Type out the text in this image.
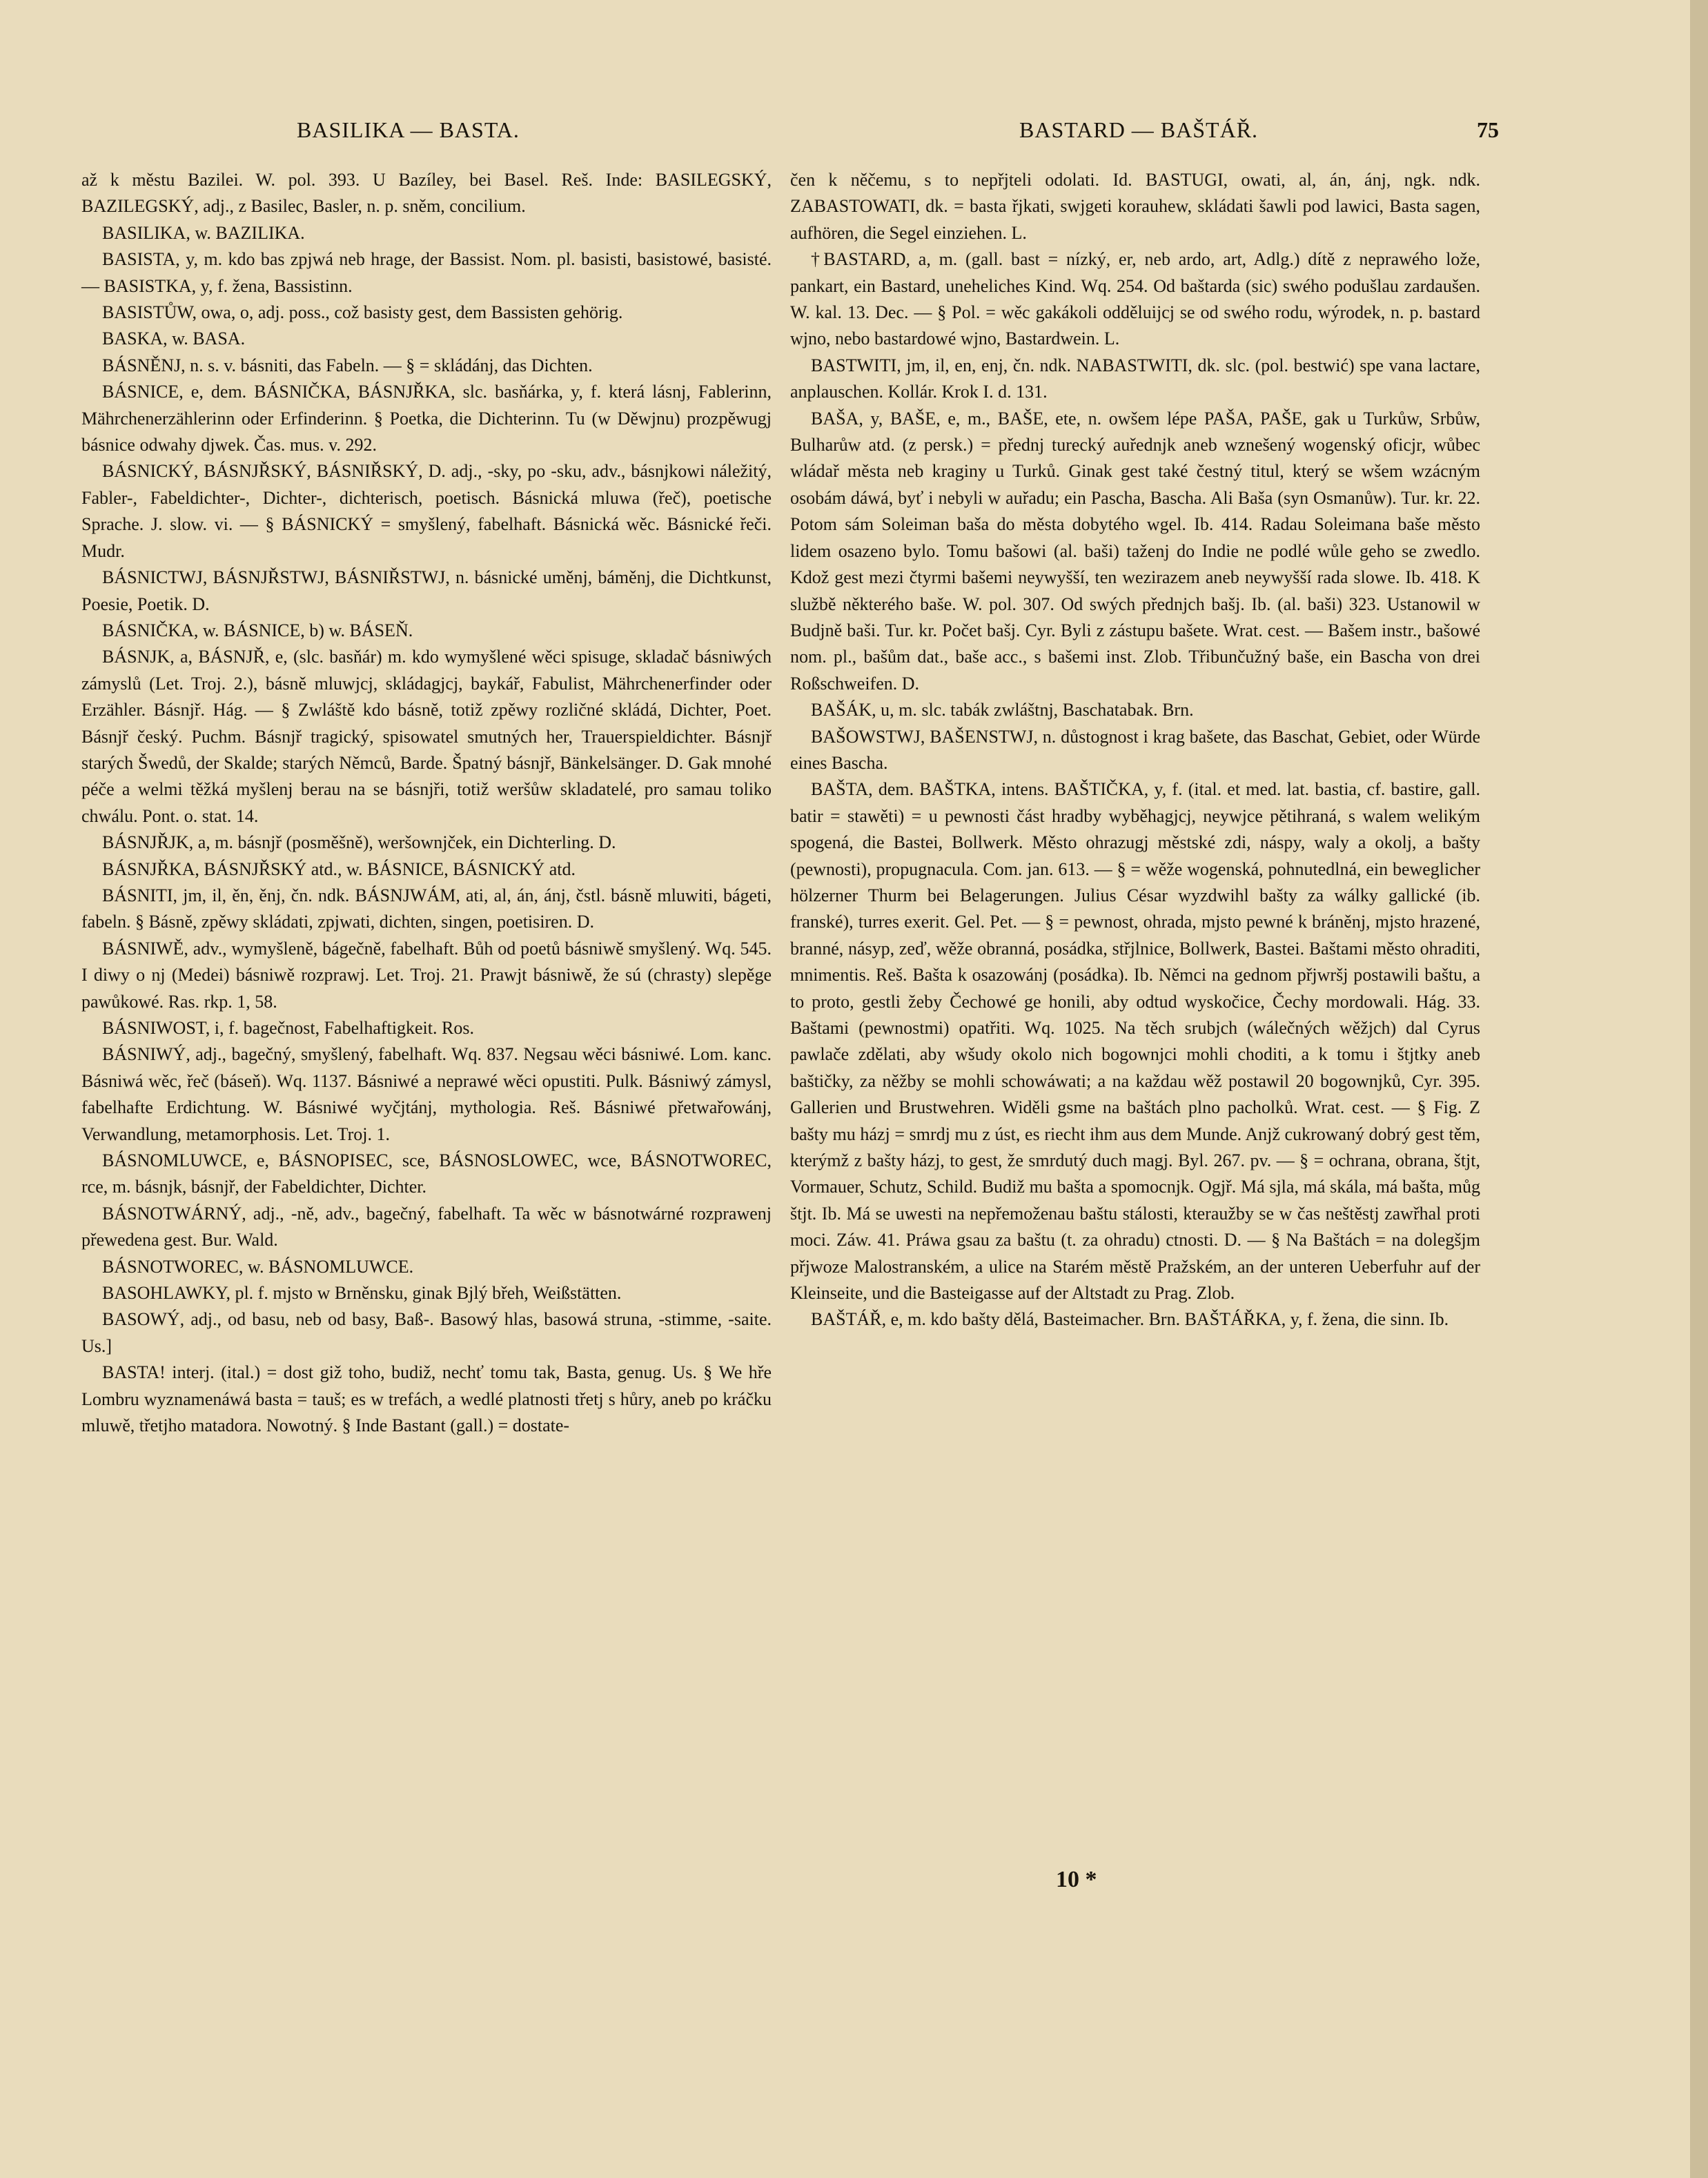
BASILIKA — BASTA.	BASTARD — BAŠTÁŘ.	75

až k městu Bazilei. W. pol. 393. U Bazíley, bei Basel. Reš. Inde: BASILEGSKÝ, BAZILEGSKÝ, adj., z Basilec, Basler, n. p. sněm, concilium.

BASILIKA, w. BAZILIKA.

BASISTA, y, m. kdo bas zpjwá neb hrage, der Bassist. Nom. pl. basisti, basistowé, basisté. — BASISTKA, y, f. žena, Bassistinn.

BASISTŮW, owa, o, adj. poss., což basisty gest, dem Bassisten gehörig.

BASKA, w. BASA.

BÁSNĚNJ, n. s. v. básniti, das Fabeln. — § = skládánj, das Dichten.

BÁSNICE, e, dem. BÁSNIČKA, BÁSNJŘKA, slc. basňárka, y, f. která lásnj, Fablerinn, Mährchenerzählerinn oder Erfinderinn. § Poetka, die Dichterinn. Tu (w Děwjnu) prozpěwugj básnice odwahy djwek. Čas. mus. v. 292.

BÁSNICKÝ, BÁSNJŘSKÝ, BÁSNIŘSKÝ, D. adj., -sky, po -sku, adv., básnjkowi náležitý, Fabler-, Fabeldichter-, Dichter-, dichterisch, poetisch. Básnická mluwa (řeč), poetische Sprache. J. slow. vi. — § BÁSNICKÝ = smyšlený, fabelhaft. Básnická wěc. Básnické řeči. Mudr.

BÁSNICTWJ, BÁSNJŘSTWJ, BÁSNIŘSTWJ, n. básnické uměnj, báměnj, die Dichtkunst, Poesie, Poetik. D.

BÁSNIČKA, w. BÁSNICE, b) w. BÁSEŇ.

BÁSNJK, a, BÁSNJŘ, e, (slc. basňár) m. kdo wymyšlené wěci spisuge, skladač básniwých zámyslů (Let. Troj. 2.), básně mluwjcj, skládagjcj, baykář, Fabulist, Mährchenerfinder oder Erzähler. Básnjř. Hág. — § Zwláště kdo básně, totiž zpěwy rozličné skládá, Dichter, Poet. Básnjř český. Puchm. Básnjř tragický, spisowatel smutných her, Trauerspieldichter. Básnjř starých Šwedů, der Skalde; starých Němců, Barde. Špatný básnjř, Bänkelsänger. D. Gak mnohé péče a welmi těžká myšlenj berau na se básnjři, totiž weršůw skladatelé, pro samau toliko chwálu. Pont. o. stat. 14.

BÁSNJŘJK, a, m. básnjř (posměšně), weršownjček, ein Dichterling. D.

BÁSNJŘKA, BÁSNJŘSKÝ atd., w. BÁSNICE, BÁSNICKÝ atd.

BÁSNITI, jm, il, ěn, ěnj, čn. ndk. BÁSNJWÁM, ati, al, án, ánj, čstl. básně mluwiti, bágeti, fabeln. § Básně, zpěwy skládati, zpjwati, dichten, singen, poetisiren. D.

BÁSNIWĚ, adv., wymyšleně, bágečně, fabelhaft. Bůh od poetů básniwě smyšlený. Wq. 545. I diwy o nj (Medei) básniwě rozprawj. Let. Troj. 21. Prawjt básniwě, že sú (chrasty) slepěge pawůkowé. Ras. rkp. 1, 58.

BÁSNIWOST, i, f. bagečnost, Fabelhaftigkeit. Ros.

BÁSNIWÝ, adj., bagečný, smyšlený, fabelhaft. Wq. 837. Negsau wěci básniwé. Lom. kanc. Básniwá wěc, řeč (báseň). Wq. 1137. Básniwé a neprawé wěci opustiti. Pulk. Básniwý zámysl, fabelhafte Erdichtung. W. Básniwé wyčjtánj, mythologia. Reš. Básniwé přetwařowánj, Verwandlung, metamorphosis. Let. Troj. 1.

BÁSNOMLUWCE, e, BÁSNOPISEC, sce, BÁSNOSLOWEC, wce, BÁSNOTWOREC, rce, m. básnjk, básnjř, der Fabeldichter, Dichter.

BÁSNOTWÁRNÝ, adj., -ně, adv., bagečný, fabelhaft. Ta wěc w básnotwárné rozprawenj přewedena gest. Bur. Wald.

BÁSNOTWOREC, w. BÁSNOMLUWCE.

BASOHLAWKY, pl. f. mjsto w Brněnsku, ginak Bjlý břeh, Weißstätten.

BASOWÝ, adj., od basu, neb od basy, Baß-. Basowý hlas, basowá struna, -stimme, -saite. Us.]

BASTA! interj. (ital.) = dost giž toho, budiž, nechť tomu tak, Basta, genug. Us. § We hře Lombru wyznamenáwá basta = tauš; es w trefách, a wedlé platnosti třetj s hůry, aneb po kráčku mluwě, třetjho matadora. Nowotný. § Inde Bastant (gall.) = dostate-

čen k něčemu, s to nepřjteli odolati. Id. BASTUGI, owati, al, án, ánj, ngk. ndk. ZABASTOWATI, dk. = basta řjkati, swjgeti korauhew, skládati šawli pod lawici, Basta sagen, aufhören, die Segel einziehen. L.

†BASTARD, a, m. (gall. bast = nízký, er, neb ardo, art, Adlg.) dítě z neprawého lože, pankart, ein Bastard, uneheliches Kind. Wq. 254. Od baštarda (sic) swého podušlau zardaušen. W. kal. 13. Dec. — § Pol. = wěc gakákoli odděluijcj se od swého rodu, wýrodek, n. p. bastard wjno, nebo bastardowé wjno, Bastardwein. L.

BASTWITI, jm, il, en, enj, čn. ndk. NABASTWITI, dk. slc. (pol. bestwić) spe vana lactare, anplauschen. Kollár. Krok I. d. 131.

BAŠA, y, BAŠE, e, m., BAŠE, ete, n. owšem lépe PAŠA, PAŠE, gak u Turkůw, Srbůw, Bulharůw atd. (z persk.) = přednj turecký auřednjk aneb wznešený wogenský oficjr, wůbec wládař města neb kraginy u Turků. Ginak gest také čestný titul, který se wšem wzácným osobám dáwá, byť i nebyli w auřadu; ein Pascha, Bascha. Ali Baša (syn Osmanůw). Tur. kr. 22. Potom sám Soleiman baša do města dobytého wgel. Ib. 414. Radau Soleimana baše město lidem osazeno bylo. Tomu bašowi (al. baši) taženj do Indie ne podlé wůle geho se zwedlo. Kdož gest mezi čtyrmi bašemi neywyšší, ten wezirazem aneb neywyšší rada slowe. Ib. 418. K službě některého baše. W. pol. 307. Od swých přednjch bašj. Ib. (al. baši) 323. Ustanowil w Budjně baši. Tur. kr. Počet bašj. Cyr. Byli z zástupu bašete. Wrat. cest. — Bašem instr., bašowé nom. pl., bašům dat., baše acc., s bašemi inst. Zlob. Třibunčužný baše, ein Bascha von drei Roßschweifen. D.

BAŠÁK, u, m. slc. tabák zwláštnj, Baschatabak. Brn.

BAŠOWSTWJ, BAŠENSTWJ, n. důstognost i krag bašete, das Baschat, Gebiet, oder Würde eines Bascha.

BAŠTA, dem. BAŠTKA, intens. BAŠTIČKA, y, f. (ital. et med. lat. bastia, cf. bastire, gall. batir = stawěti) = u pewnosti část hradby wyběhagjcj, neywjce pětihraná, s walem welikým spogená, die Bastei, Bollwerk. Město ohrazugj městské zdi, náspy, waly a okolj, a bašty (pewnosti), propugnacula. Com. jan. 613. — § = wěže wogenská, pohnutedlná, ein beweglicher hölzerner Thurm bei Belagerungen. Julius César wyzdwihl bašty za wálky gallické (ib. franské), turres exerit. Gel. Pet. — § = pewnost, ohrada, mjsto pewné k bráněnj, mjsto hrazené, branné, násyp, zeď, wěže obranná, posádka, střjlnice, Bollwerk, Bastei. Baštami město ohraditi, mnimentis. Reš. Bašta k osazowánj (posádka). Ib. Němci na gednom přjwršj postawili baštu, a to proto, gestli žeby Čechowé ge honili, aby odtud wyskočice, Čechy mordowali. Hág. 33. Baštami (pewnostmi) opatřiti. Wq. 1025. Na těch srubjch (wálečných wěžjch) dal Cyrus pawlače zdělati, aby wšudy okolo nich bogownjci mohli choditi, a k tomu i štjtky aneb baštičky, za něžby se mohli schowáwati; a na každau wěž postawil 20 bogownjků, Cyr. 395. Gallerien und Brustwehren. Widěli gsme na baštách plno pacholků. Wrat. cest. — § Fig. Z bašty mu házj = smrdj mu z úst, es riecht ihm aus dem Munde. Anjž cukrowaný dobrý gest těm, kterýmž z bašty házj, to gest, že smrdutý duch magj. Byl. 267. pv. — § = ochrana, obrana, štjt, Vormauer, Schutz, Schild. Budiž mu bašta a spomocnjk. Ogjř. Má sjla, má skála, má bašta, můg štjt. Ib. Má se uwesti na nepřemoženau baštu stálosti, kteraužby se w čas neštěstj zawřhal proti moci. Záw. 41. Práwa gsau za baštu (t. za ohradu) ctnosti. D. — § Na Baštách = na dolegšjm přjwoze Malostranském, a ulice na Starém městě Pražském, an der unteren Ueberfuhr auf der Kleinseite, und die Basteigasse auf der Altstadt zu Prag. Zlob.

BAŠTÁŘ, e, m. kdo bašty dělá, Basteimacher. Brn. BAŠTÁŘKA, y, f. žena, die sinn. Ib.

10 *
